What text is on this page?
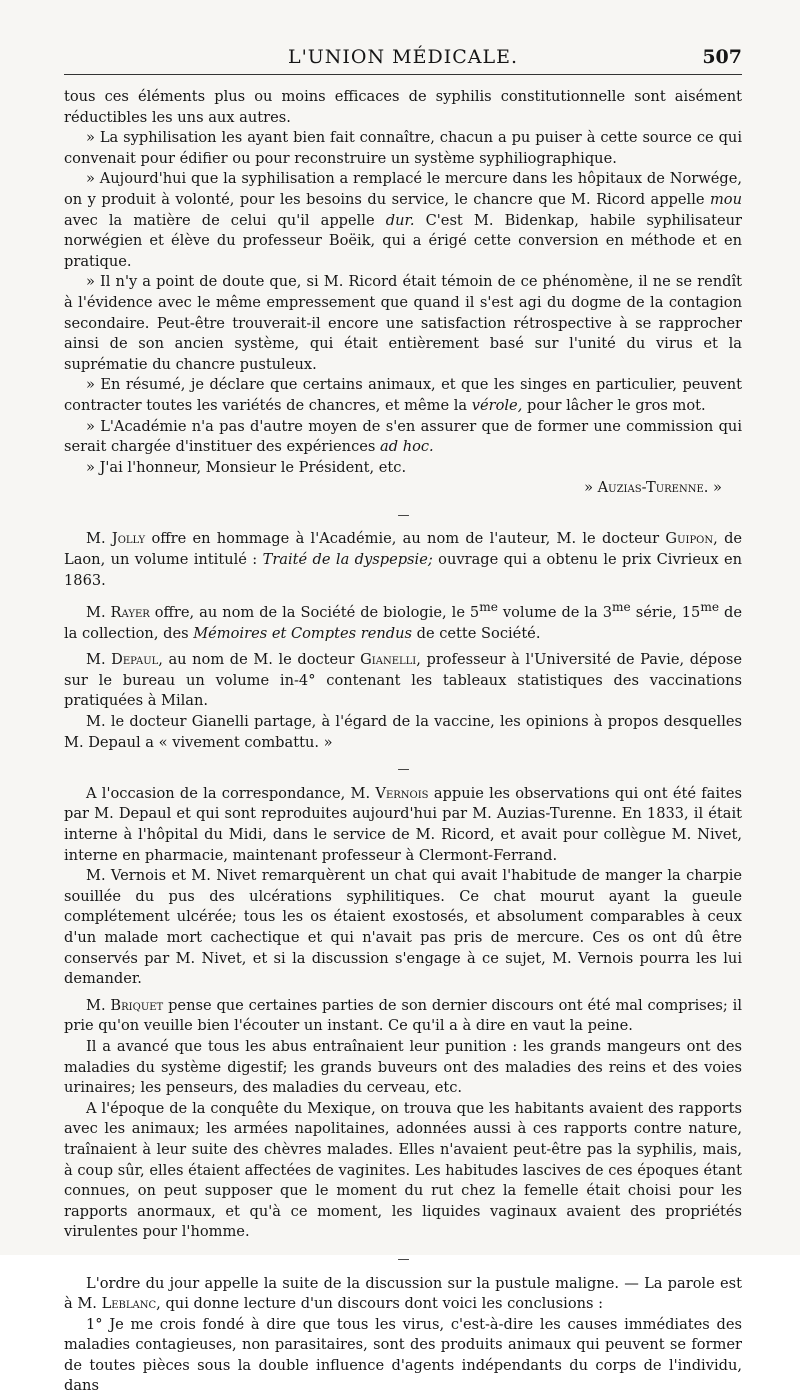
L'UNION MÉDICALE.	507

tous ces éléments plus ou moins efficaces de syphilis constitutionnelle sont aisément réductibles les uns aux autres.

» La syphilisation les ayant bien fait connaître, chacun a pu puiser à cette source ce qui convenait pour édifier ou pour reconstruire un système syphiliographique.

» Aujourd'hui que la syphilisation a remplacé le mercure dans les hôpitaux de Norwége, on y produit à volonté, pour les besoins du service, le chancre que M. Ricord appelle mou avec la matière de celui qu'il appelle dur. C'est M. Bidenkap, habile syphilisateur norwégien et élève du professeur Boëik, qui a érigé cette conversion en méthode et en pratique.

» Il n'y a point de doute que, si M. Ricord était témoin de ce phénomène, il ne se rendît à l'évidence avec le même empressement que quand il s'est agi du dogme de la contagion secondaire. Peut-être trouverait-il encore une satisfaction rétrospective à se rapprocher ainsi de son ancien système, qui était entièrement basé sur l'unité du virus et la suprématie du chancre pustuleux.

» En résumé, je déclare que certains animaux, et que les singes en particulier, peuvent contracter toutes les variétés de chancres, et même la vérole, pour lâcher le gros mot.

» L'Académie n'a pas d'autre moyen de s'en assurer que de former une commission qui serait chargée d'instituer des expériences ad hoc.

» J'ai l'honneur, Monsieur le Président, etc.

» Auzias-Turenne. »

—

M. Jolly offre en hommage à l'Académie, au nom de l'auteur, M. le docteur Guipon, de Laon, un volume intitulé : Traité de la dyspepsie; ouvrage qui a obtenu le prix Civrieux en 1863.

M. Rayer offre, au nom de la Société de biologie, le $5^{me}$ volume de la $3^{me}$ série, $15^{me}$ de la collection, des Mémoires et Comptes rendus de cette Société.

M. Depaul, au nom de M. le docteur Gianelli, professeur à l'Université de Pavie, dépose sur le bureau un volume in-4° contenant les tableaux statistiques des vaccinations pratiquées à Milan.

M. le docteur Gianelli partage, à l'égard de la vaccine, les opinions à propos desquelles M. Depaul a « vivement combattu. »

—

A l'occasion de la correspondance, M. Vernois appuie les observations qui ont été faites par M. Depaul et qui sont reproduites aujourd'hui par M. Auzias-Turenne. En 1833, il était interne à l'hôpital du Midi, dans le service de M. Ricord, et avait pour collègue M. Nivet, interne en pharmacie, maintenant professeur à Clermont-Ferrand.

M. Vernois et M. Nivet remarquèrent un chat qui avait l'habitude de manger la charpie souillée du pus des ulcérations syphilitiques. Ce chat mourut ayant la gueule complétement ulcérée; tous les os étaient exostosés, et absolument comparables à ceux d'un malade mort cachectique et qui n'avait pas pris de mercure. Ces os ont dû être conservés par M. Nivet, et si la discussion s'engage à ce sujet, M. Vernois pourra les lui demander.

M. Briquet pense que certaines parties de son dernier discours ont été mal comprises; il prie qu'on veuille bien l'écouter un instant. Ce qu'il a à dire en vaut la peine.

Il a avancé que tous les abus entraînaient leur punition : les grands mangeurs ont des maladies du système digestif; les grands buveurs ont des maladies des reins et des voies urinaires; les penseurs, des maladies du cerveau, etc.

A l'époque de la conquête du Mexique, on trouva que les habitants avaient des rapports avec les animaux; les armées napolitaines, adonnées aussi à ces rapports contre nature, traînaient à leur suite des chèvres malades. Elles n'avaient peut-être pas la syphilis, mais, à coup sûr, elles étaient affectées de vaginites. Les habitudes lascives de ces époques étant connues, on peut supposer que le moment du rut chez la femelle était choisi pour les rapports anormaux, et qu'à ce moment, les liquides vaginaux avaient des propriétés virulentes pour l'homme.

—

L'ordre du jour appelle la suite de la discussion sur la pustule maligne. — La parole est à M. Leblanc, qui donne lecture d'un discours dont voici les conclusions :

1° Je me crois fondé à dire que tous les virus, c'est-à-dire les causes immédiates des maladies contagieuses, non parasitaires, sont des produits animaux qui peuvent se former de toutes pièces sous la double influence d'agents indépendants du corps de l'individu, dans
